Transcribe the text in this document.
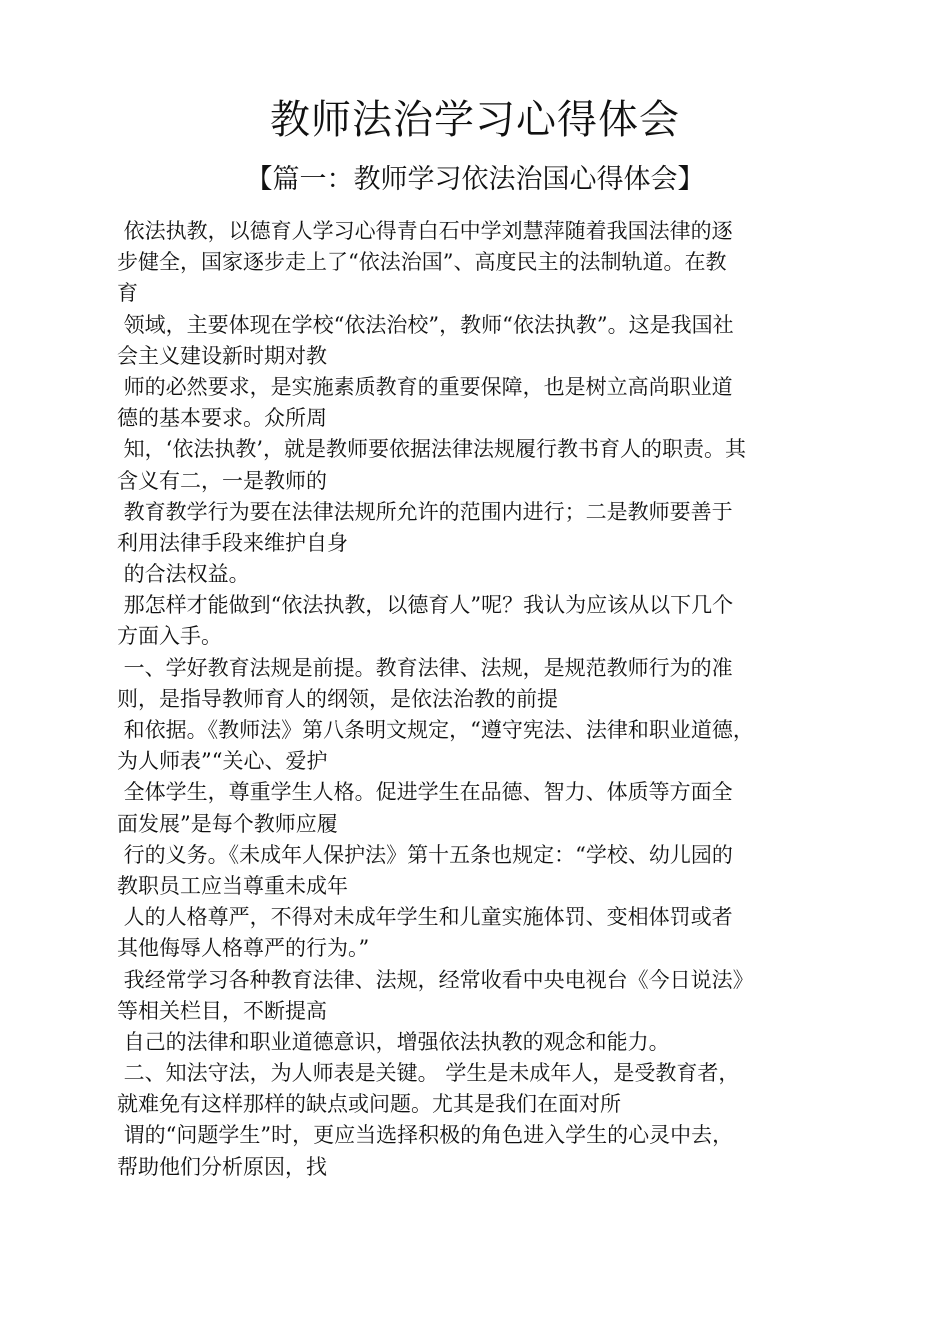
教师法治学习心得体会
【篇一：教师学习依法治国心得体会】
依法执教，以德育人学习心得青白石中学刘慧萍随着我国法律的逐
步健全，国家逐步走上了“依法治国”、高度民主的法制轨道。在教
育
领域，主要体现在学校“依法治校”，教师“依法执教”。这是我国社
会主义建设新时期对教
师的必然要求，是实施素质教育的重要保障，也是树立高尚职业道
德的基本要求。众所周
知，‘依法执教’，就是教师要依据法律法规履行教书育人的职责。其
含义有二，一是教师的
教育教学行为要在法律法规所允许的范围内进行；二是教师要善于
利用法律手段来维护自身
的合法权益。
那怎样才能做到“依法执教，以德育人”呢？我认为应该从以下几个
方面入手。
一、学好教育法规是前提。教育法律、法规，是规范教师行为的准
则，是指导教师育人的纲领，是依法治教的前提
和依据。《教师法》第八条明文规定，“遵守宪法、法律和职业道德，
为人师表”“关心、爱护
全体学生，尊重学生人格。促进学生在品德、智力、体质等方面全
面发展”是每个教师应履
行的义务。《未成年人保护法》第十五条也规定：“学校、幼儿园的
教职员工应当尊重未成年
人的人格尊严，不得对未成年学生和儿童实施体罚、变相体罚或者
其他侮辱人格尊严的行为。”
我经常学习各种教育法律、法规，经常收看中央电视台《今日说法》
等相关栏目，不断提高
自己的法律和职业道德意识，增强依法执教的观念和能力。
二、知法守法，为人师表是关键。 学生是未成年人，是受教育者，
就难免有这样那样的缺点或问题。尤其是我们在面对所
谓的“问题学生”时，更应当选择积极的角色进入学生的心灵中去，
帮助他们分析原因，找
